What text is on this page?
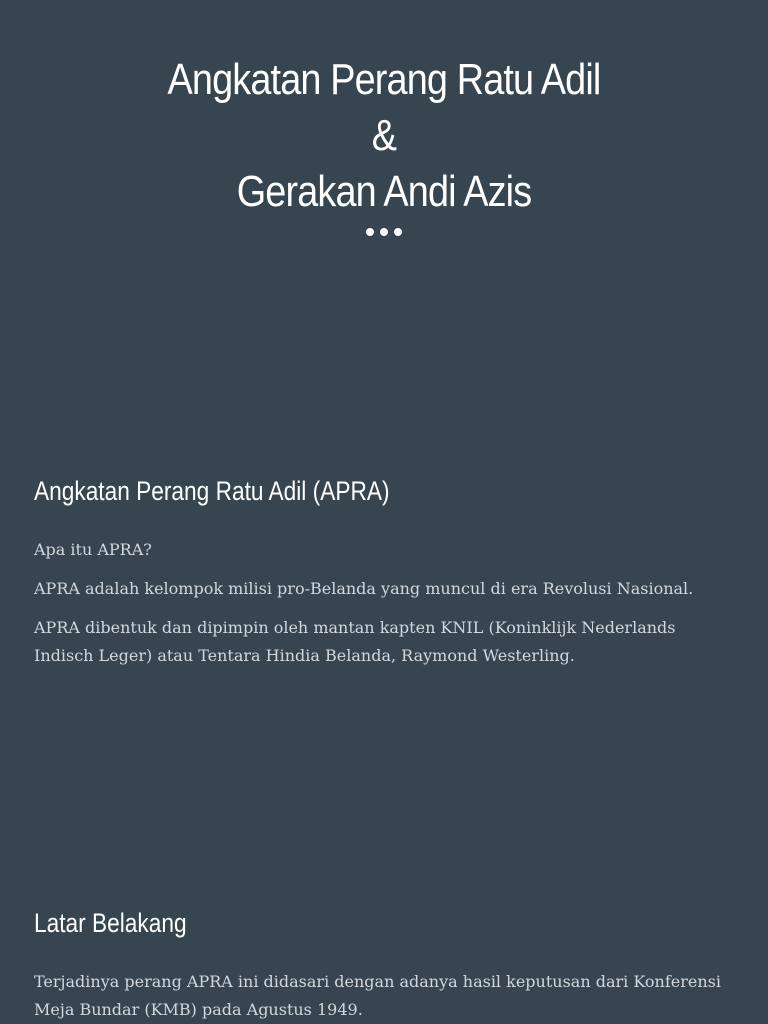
Angkatan Perang Ratu Adil
&
Gerakan Andi Azis
Angkatan Perang Ratu Adil (APRA)

Apa itu APRA?

APRA adalah kelompok milisi pro-Belanda yang muncul di era Revolusi Nasional.

APRA dibentuk dan dipimpin oleh mantan kapten KNIL (Koninklijk Nederlands
Indisch Leger) atau Tentara Hindia Belanda, Raymond Westerling.
Latar Belakang
Terjadinya perang APRA ini didasari dengan adanya hasil keputusan dari Konferensi
Meja Bundar (KMB) pada Agustus 1949.
